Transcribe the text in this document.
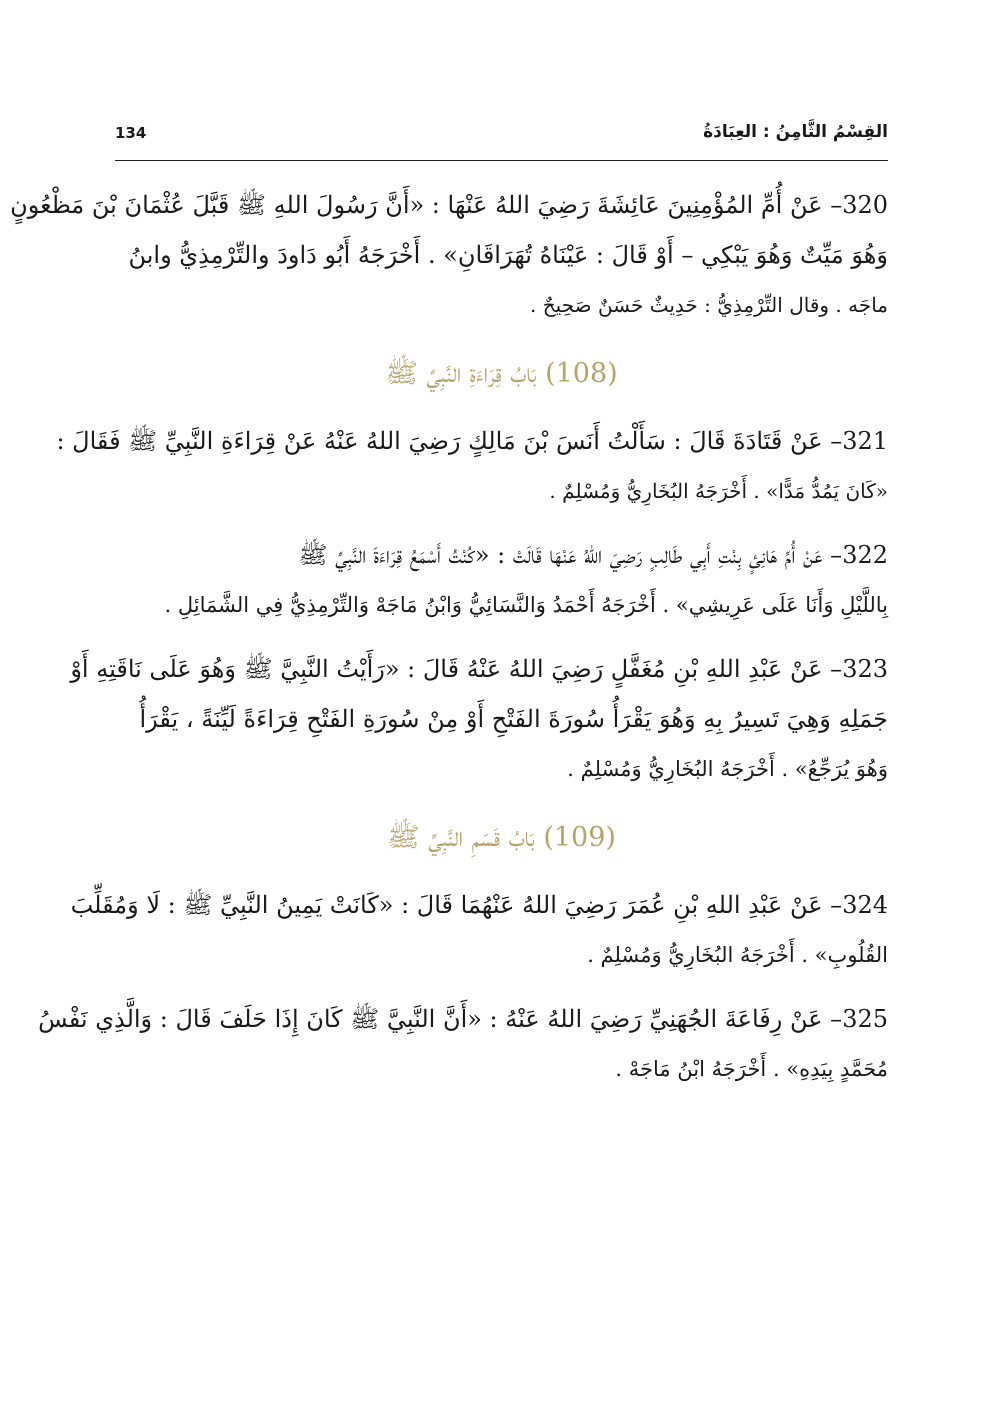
القِسْمُ الثَّامِنُ : العِبَادَةُ
134
320– عَنْ أُمِّ المُؤْمِنِينَ عَائِشَةَ رَضِيَ اللهُ عَنْهَا : «أَنَّ رَسُولَ اللهِ ﷺ قَبَّلَ عُثْمَانَ بْنَ مَظْعُونٍ
وَهُوَ مَيِّتٌ وَهُوَ يَبْكِي – أَوْ قَالَ : عَيْنَاهُ تُهَرَاقَانِ» . أَخْرَجَهُ أَبُو دَاودَ والتِّرْمِذِيُّ وابنُ
ماجَه . وقال التِّرْمِذِيُّ : حَدِيثٌ حَسَنٌ صَحِيحٌ .
(108) بَابُ قِرَاءَةِ النَّبِيِّ ﷺ
321– عَنْ قَتَادَةَ قَالَ : سَأَلْتُ أَنَسَ بْنَ مَالِكٍ رَضِيَ اللهُ عَنْهُ عَنْ قِرَاءَةِ النَّبِيِّ ﷺ فَقَالَ :
«كَانَ يَمُدُّ مَدًّا» . أَخْرَجَهُ البُخَارِيُّ وَمُسْلِمٌ .
322– عَنْ أُمِّ هَانِئٍ بِنْتِ أَبِي طَالِبٍ رَضِيَ اللهُ عَنْهَا قَالَتْ : «كُنْتُ أَسْمَعُ قِرَاءَةَ النَّبِيِّ ﷺ
بِاللَّيْلِ وَأَنَا عَلَى عَرِيشِي» . أَخْرَجَهُ أَحْمَدُ وَالنَّسَائِيُّ وَابْنُ مَاجَهْ وَالتِّرْمِذِيُّ فِي الشَّمَائِلِ .
323– عَنْ عَبْدِ اللهِ بْنِ مُغَفَّلٍ رَضِيَ اللهُ عَنْهُ قَالَ : «رَأَيْتُ النَّبِيَّ ﷺ وَهُوَ عَلَى نَاقَتِهِ أَوْ
جَمَلِهِ وَهِيَ تَسِيرُ بِهِ وَهُوَ يَقْرَأُ سُورَةَ الفَتْحِ أَوْ مِنْ سُورَةِ الفَتْحِ قِرَاءَةً لَيِّنَةً ، يَقْرَأُ
وَهُوَ يُرَجِّعُ» . أَخْرَجَهُ البُخَارِيُّ وَمُسْلِمٌ .
(109) بَابُ قَسَمِ النَّبِيِّ ﷺ
324– عَنْ عَبْدِ اللهِ بْنِ عُمَرَ رَضِيَ اللهُ عَنْهُمَا قَالَ : «كَانَتْ يَمِينُ النَّبِيِّ ﷺ : لَا وَمُقَلِّبَ
القُلُوبِ» . أَخْرَجَهُ البُخَارِيُّ وَمُسْلِمٌ .
325– عَنْ رِفَاعَةَ الجُهَنِيِّ رَضِيَ اللهُ عَنْهُ : «أَنَّ النَّبِيَّ ﷺ كَانَ إِذَا حَلَفَ قَالَ : وَالَّذِي نَفْسُ
مُحَمَّدٍ بِيَدِهِ» . أَخْرَجَهُ ابْنُ مَاجَهْ .
